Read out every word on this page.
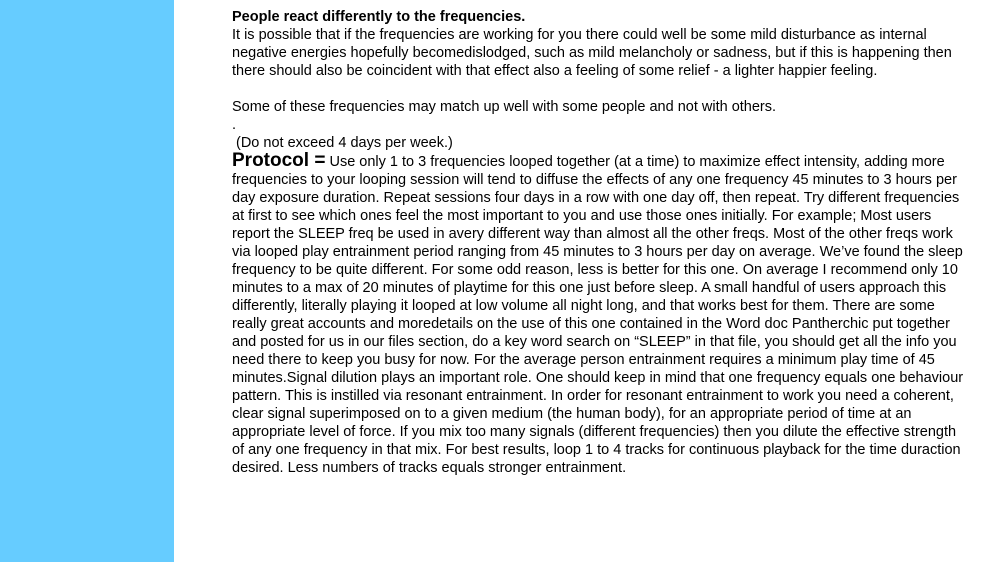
People react differently to the frequencies.

It is possible that if the frequencies are working for you there could well be some mild disturbance as internal negative energies hopefully becomedislodged, such as mild melancholy or sadness, but if this is happening then there should also be coincident with that effect also a feeling of some relief - a lighter happier feeling.

Some of these frequencies may match up well with some people and not with others.

.

(Do not exceed 4 days per week.)

Protocol = Use only 1 to 3 frequencies looped together (at a time) to maximize effect intensity, adding more frequencies to your looping session will tend to diffuse the effects of any one frequency 45 minutes to 3 hours per day exposure duration. Repeat sessions four days in a row with one day off, then repeat. Try different frequencies at first to see which ones feel the most important to you and use those ones initially. For example; Most users report the SLEEP freq be used in avery different way than almost all the other freqs. Most of the other freqs work via looped play entrainment period ranging from 45 minutes to 3 hours per day on average. We’ve found the sleep frequency to be quite different. For some odd reason, less is better for this one. On average I recommend only 10 minutes to a max of 20 minutes of playtime for this one just before sleep. A small handful of users approach this differently, literally playing it looped at low volume all night long, and that works best for them. There are some really great accounts and moredetails on the use of this one contained in the Word doc Pantherchic put together and posted for us in our files section, do a key word search on “SLEEP” in that file, you should get all the info you need there to keep you busy for now. For the average person entrainment requires a minimum play time of 45 minutes.Signal dilution plays an important role. One should keep in mind that one frequency equals one behaviour pattern. This is instilled via resonant entrainment. In order for resonant entrainment to work you need a coherent, clear signal superimposed on to a given medium (the human body), for an appropriate period of time at an appropriate level of force. If you mix too many signals (different frequencies) then you dilute the effective strength of any one frequency in that mix. For best results, loop 1 to 4 tracks for continuous playback for the time duraction desired. Less numbers of tracks equals stronger entrainment.
